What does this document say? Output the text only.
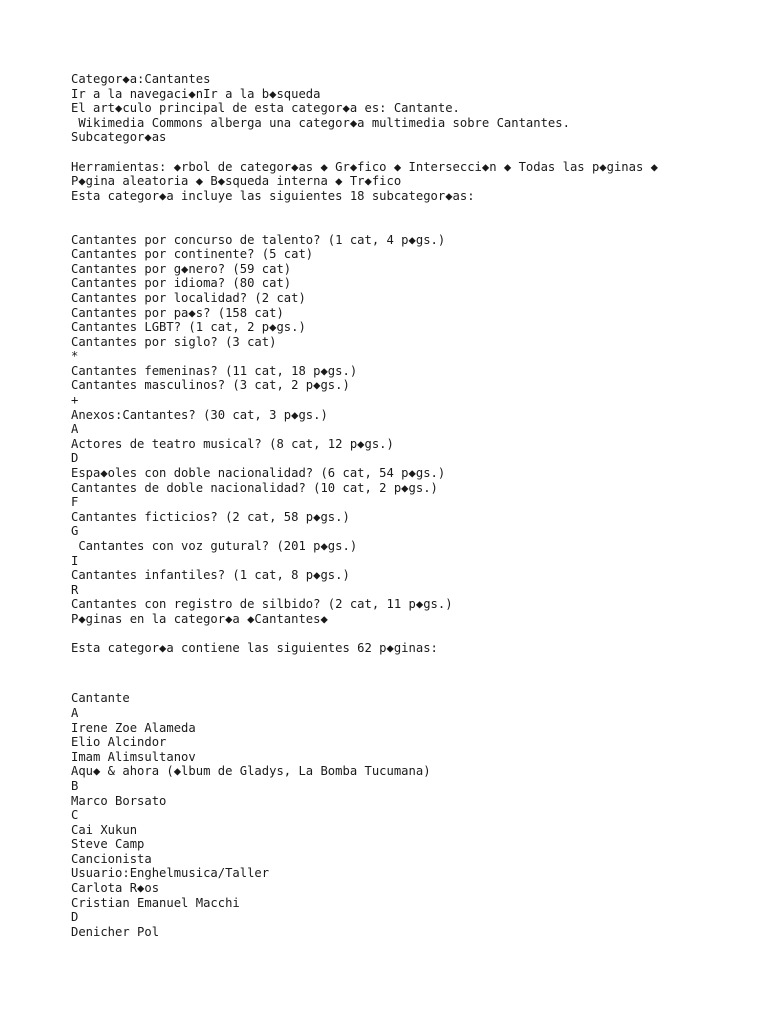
Categor◆a:Cantantes
Ir a la navegaci◆nIr a la b◆squeda
El art◆culo principal de esta categor◆a es: Cantante.
Wikimedia Commons alberga una categor◆a multimedia sobre Cantantes.
Subcategor◆as
Herramientas: ◆rbol de categor◆as ◆ Gr◆fico ◆ Intersecci◆n ◆ Todas las p◆ginas ◆
P◆gina aleatoria ◆ B◆squeda interna ◆ Tr◆fico
Esta categor◆a incluye las siguientes 18 subcategor◆as:
Cantantes por concurso de talento? (1 cat, 4 p◆gs.)
Cantantes por continente? (5 cat)
Cantantes por g◆nero? (59 cat)
Cantantes por idioma? (80 cat)
Cantantes por localidad? (2 cat)
Cantantes por pa◆s? (158 cat)
Cantantes LGBT? (1 cat, 2 p◆gs.)
Cantantes por siglo? (3 cat)
*
Cantantes femeninas? (11 cat, 18 p◆gs.)
Cantantes masculinos? (3 cat, 2 p◆gs.)
+
Anexos:Cantantes? (30 cat, 3 p◆gs.)
A
Actores de teatro musical? (8 cat, 12 p◆gs.)
D
Espa◆oles con doble nacionalidad? (6 cat, 54 p◆gs.)
Cantantes de doble nacionalidad? (10 cat, 2 p◆gs.)
F
Cantantes ficticios? (2 cat, 58 p◆gs.)
G
Cantantes con voz gutural? (201 p◆gs.)
I
Cantantes infantiles? (1 cat, 8 p◆gs.)
R
Cantantes con registro de silbido? (2 cat, 11 p◆gs.)
P◆ginas en la categor◆a ◆Cantantes◆
Esta categor◆a contiene las siguientes 62 p◆ginas:
Cantante
A
Irene Zoe Alameda
Elio Alcindor
Imam Alimsultanov
Aqu◆ & ahora (◆lbum de Gladys, La Bomba Tucumana)
B
Marco Borsato
C
Cai Xukun
Steve Camp
Cancionista
Usuario:Enghelmusica/Taller
Carlota R◆os
Cristian Emanuel Macchi
D
Denicher Pol
